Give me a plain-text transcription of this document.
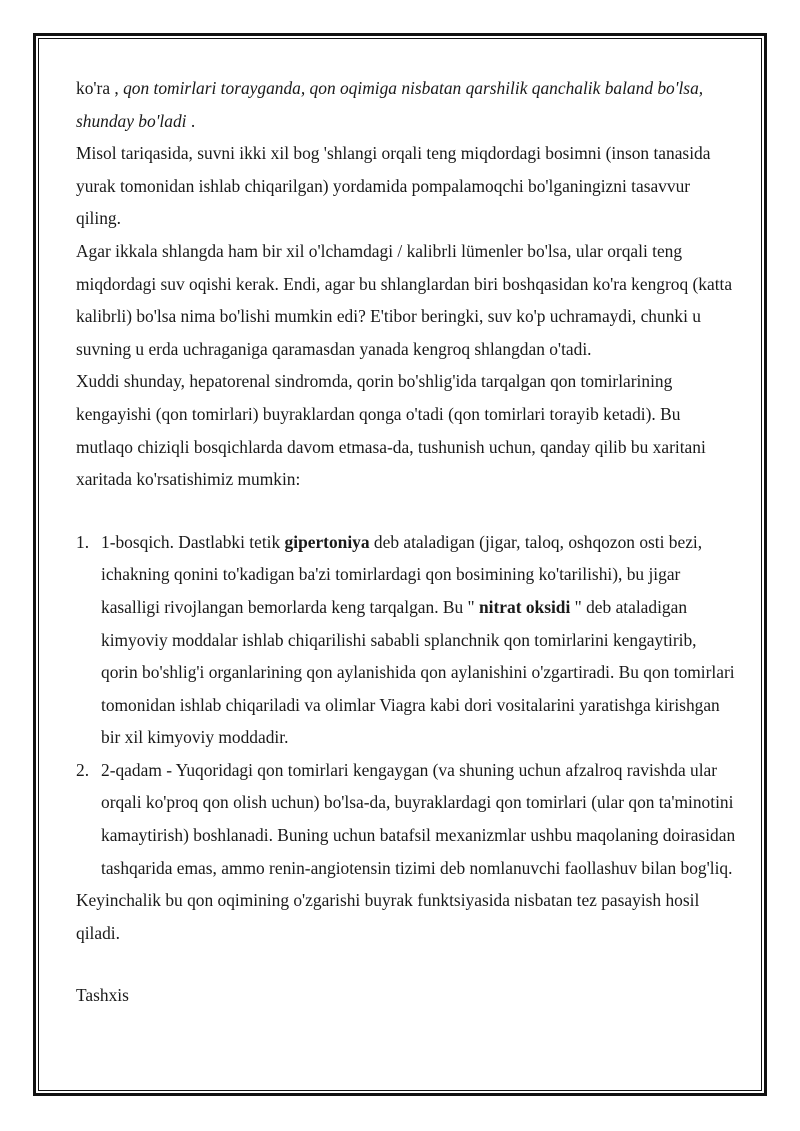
ko'ra , qon tomirlari torayganda, qon oqimiga nisbatan qarshilik qanchalik baland bo'lsa, shunday bo'ladi .

Misol tariqasida, suvni ikki xil bog 'shlangi orqali teng miqdordagi bosimni (inson tanasida yurak tomonidan ishlab chiqarilgan) yordamida pompalamoqchi bo'lganingizni tasavvur qiling.

Agar ikkala shlangda ham bir xil o'lchamdagi / kalibrli lümenler bo'lsa, ular orqali teng miqdordagi suv oqishi kerak. Endi, agar bu shlanglardan biri boshqasidan ko'ra kengroq (katta kalibrli) bo'lsa nima bo'lishi mumkin edi? E'tibor beringki, suv ko'p uchramaydi, chunki u suvning u erda uchraganiga qaramasdan yanada kengroq shlangdan o'tadi.

Xuddi shunday, hepatorenal sindromda, qorin bo'shlig'ida tarqalgan qon tomirlarining kengayishi (qon tomirlari) buyraklardan qonga o'tadi (qon tomirlari torayib ketadi). Bu mutlaqo chiziqli bosqichlarda davom etmasa-da, tushunish uchun, qanday qilib bu xaritani xaritada ko'rsatishimiz mumkin:

1. 1-bosqich. Dastlabki tetik gipertoniya deb ataladigan (jigar, taloq, oshqozon osti bezi, ichakning qonini to'kadigan ba'zi tomirlardagi qon bosimining ko'tarilishi), bu jigar kasalligi rivojlangan bemorlarda keng tarqalgan. Bu " nitrat oksidi " deb ataladigan kimyoviy moddalar ishlab chiqarilishi sababli splanchnik qon tomirlarini kengaytirib, qorin bo'shlig'i organlarining qon aylanishida qon aylanishini o'zgartiradi. Bu qon tomirlari tomonidan ishlab chiqariladi va olimlar Viagra kabi dori vositalarini yaratishga kirishgan bir xil kimyoviy moddadir.
2. 2-qadam - Yuqoridagi qon tomirlari kengaygan (va shuning uchun afzalroq ravishda ular orqali ko'proq qon olish uchun) bo'lsa-da, buyraklardagi qon tomirlari (ular qon ta'minotini kamaytirish) boshlanadi. Buning uchun batafsil mexanizmlar ushbu maqolaning doirasidan tashqarida emas, ammo renin-angiotensin tizimi deb nomlanuvchi faollashuv bilan bog'liq.

Keyinchalik bu qon oqimining o'zgarishi buyrak funktsiyasida nisbatan tez pasayish hosil qiladi.

Tashxis
